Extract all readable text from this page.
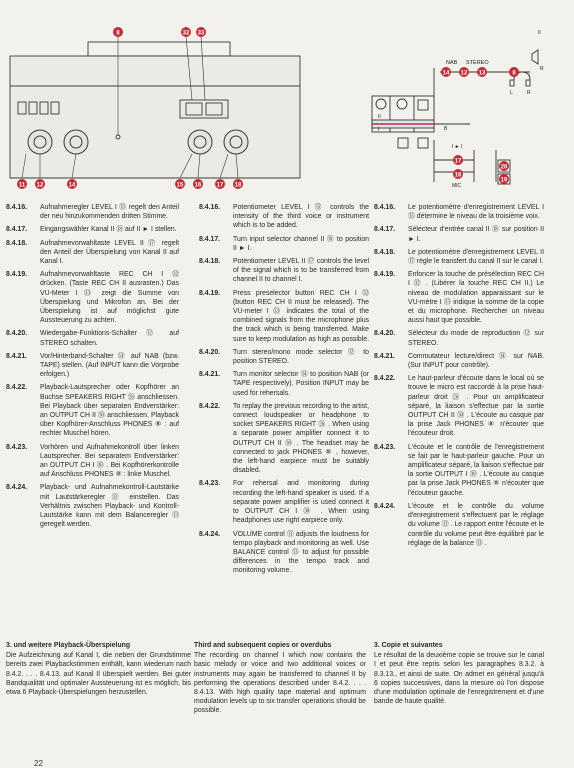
8	32 33
11 12	14	15 16	17 18
NAB STEREO
MIC
I ► I
II
I	B
L	R
II
R
14 12 13	8
17
16
20
19
8.4.16.	Aufnahmeregler LEVEL I ⑮ regelt den Anteil der neu hinzukommenden dritten Stimme.
8.4.17.	Eingangswähler Kanal II ⑱ auf II ► I stellen.
8.4.18.	Aufnahmevorwahltaste LEVEL II ⑰ regelt den Anteil der Überspielung von Kanal II auf Kanal I.
8.4.19.	Aufnahmevorwahltaste REC CH I ㉜ drücken. (Taste REC CH II ausrasten.) Das VU-Meter I ㉝ zeigt die Summe von Überspielung und Mikrofon an. Bei der Überspielung ist auf möglichst gute Aussteuerung zu achten.
8.4.20.	Wiedergabe-Funktions-Schalter ⑫ auf STEREO schalten.
8.4.21.	Vor/Hinterband-Schalter ⑭ auf NAB (bzw. TAPE) stellen. (Auf INPUT kann die Vorprobe erfolgen.)
8.4.22.	Playback-Lautsprecher oder Kopfhörer an Buchse SPEAKERS RIGHT ㉖ anschliessen. Bei Playback über separaten Endverstärker: an OUTPUT CH II ㉚ anschliessen. Playback über Kopfhörer-Anschluss PHONES ⑧ : auf rechter Muschel hören.
8.4.23.	Vorhören und Aufnahmekontroll über linken Lautsprecher. Bei separatem Endverstärker: an OUTPUT CH I ㉚ . Bei Kopfhörerkontrolle auf Anschluss PHONES ⑧ : linke Muschel.
8.4.24.	Playback- und Aufnahmekontroll-Lautstärke mit Lautstärkeregler ⑪ einstellen. Das Verhältnis zwischen Playback- und Kontroll-Lautstärke kann mit dem Balanceregler ⑬ geregelt werden.
8.4.16.	Potentiometer LEVEL I ⑮ controls the intensity of the third voice or instrument which is to be added.
8.4.17.	Turn input selector channel II ⑱ to position II ► I.
8.4.18.	Potentiometer LEVEL II ⑰ controls the level of the signal which is to be transferred from channel II to channel I.
8.4.19.	Press preselector button REC CH I ㉜ (button REC CH II must be released). The VU-meter I ㉝ indicates the total of the combined signals from the microphone plus the track which is being transferred. Make sure to keep modulation as high as possible.
8.4.20.	Turn stereo/mono mode selector ⑫ to position STEREO.
8.4.21.	Turn monitor selector ⑭ to position NAB (or TAPE respectively). Position INPUT may be used for rehersals.
8.4.22.	To replay the previous recording to the artist, connect loudspeaker or headphone to socket SPEAKERS RIGHT ㉖ . When using a separate power amplifier connect it to OUTPUT CH II ㉚ . The headset may be connected to jack PHONES ⑧ , however, the left-hand earpiece must be suitably disabled.
8.4.23.	For rehersal and monitoring during recording the left-hand speaker is used. If a separate power amplifier is used connect it to OUTPUT CH I ㉚ . When using headphones use right earpiece only.
8.4.24.	VOLUME control ⑪ adjusts the loudness for tempo playback and monitoring as well. Use BALANCE control ⑬ to adjust for possible differences in the tempo track and monitoring volume.
8.4.16.	Le potentiomètre d'enregistrement LEVEL I ⑮ détermine le niveau de la troisième voix.
8.4.17.	Sélecteur d'entrée canal II ⑱ sur position II ► I.
8.4.18.	Le potentiomètre d'enregistrement LEVEL II ⑰ règle le transfert du canal II sur le canal I.
8.4.19.	Enfoncer la touche de présélection REC CH I ㉜ . (Libérer la touche REC CH II.) Le niveau de modulation apparaissant sur le VU-mètre I ㉝ indique la somme de la copie et du microphone. Rechercher un niveau aussi haut que possible.
8.4.20.	Sélecteur du mode de reproduction ⑫ sur STEREO.
8.4.21.	Commutateur lecture/direct ⑭ sur NAB. (Sur INPUT pour contrôle).
8.4.22.	Le haut-parleur d'écoute dans le local où se trouve le micro est raccordé à la prise haut-parleur droit ㉖ . Pour un amplificateur séparé, la liaison s'effectue par la sortie OUTPUT CH II ㉚ . L'écoute au casque par la prise Jack PHONES ⑧ n'écouter que l'écouteur droit.
8.4.23.	L'écoute et le contrôle de l'enregistrement se fait par le haut-parleur gauche. Pour un amplificateur séparé, la liaison s'effectue par la sortie OUTPUT I ㉚ . L'écoute au casque par la prise Jack PHONES ⑧ n'écouter que l'écouteur gauche.
8.4.24.	L'écoute et le contrôle du volume d'enregistrement s'effectuent par le réglage du volume ⑪ . Le rapport entre l'écoute et le contrôle du volume peut être équilibré par le réglage de la balance ⑬ .
3. und weitere Playback-Überspielung

Die Aufzeichnung auf Kanal I, die neben der Grundstimme bereits zwei Playbackstimmen enthält, kann wiederum nach 8.4.2. . . . 8.4.13. auf Kanal II überspielt werden. Bei guter Bandqualität und optimaler Aussteuerung ist es möglich, bis etwa 6 Playback-Überspielungen herzustellen.

Third and subsequent copies or overdubs

The recording on channel I which now contains the basic melody or voice and two additional voices or instruments may again be transferred to channel II by performing the operations described under 8.4.2. . . . 8.4.13. With high quality tape material and optimum modulation levels up to six transfer operations should be possible.

3. Copie et suivantes

Le résultat de la deuxième copie se trouve sur le canal I et peut être repris selon les paragraphes 8.3.2. à 8.3.13., et ainsi de suite. On admet en général jusqu'à 6 copies successives, dans la mesure où l'on dispose d'une modulation optimale de l'enregistrement et d'une bande de haute qualité.

22
